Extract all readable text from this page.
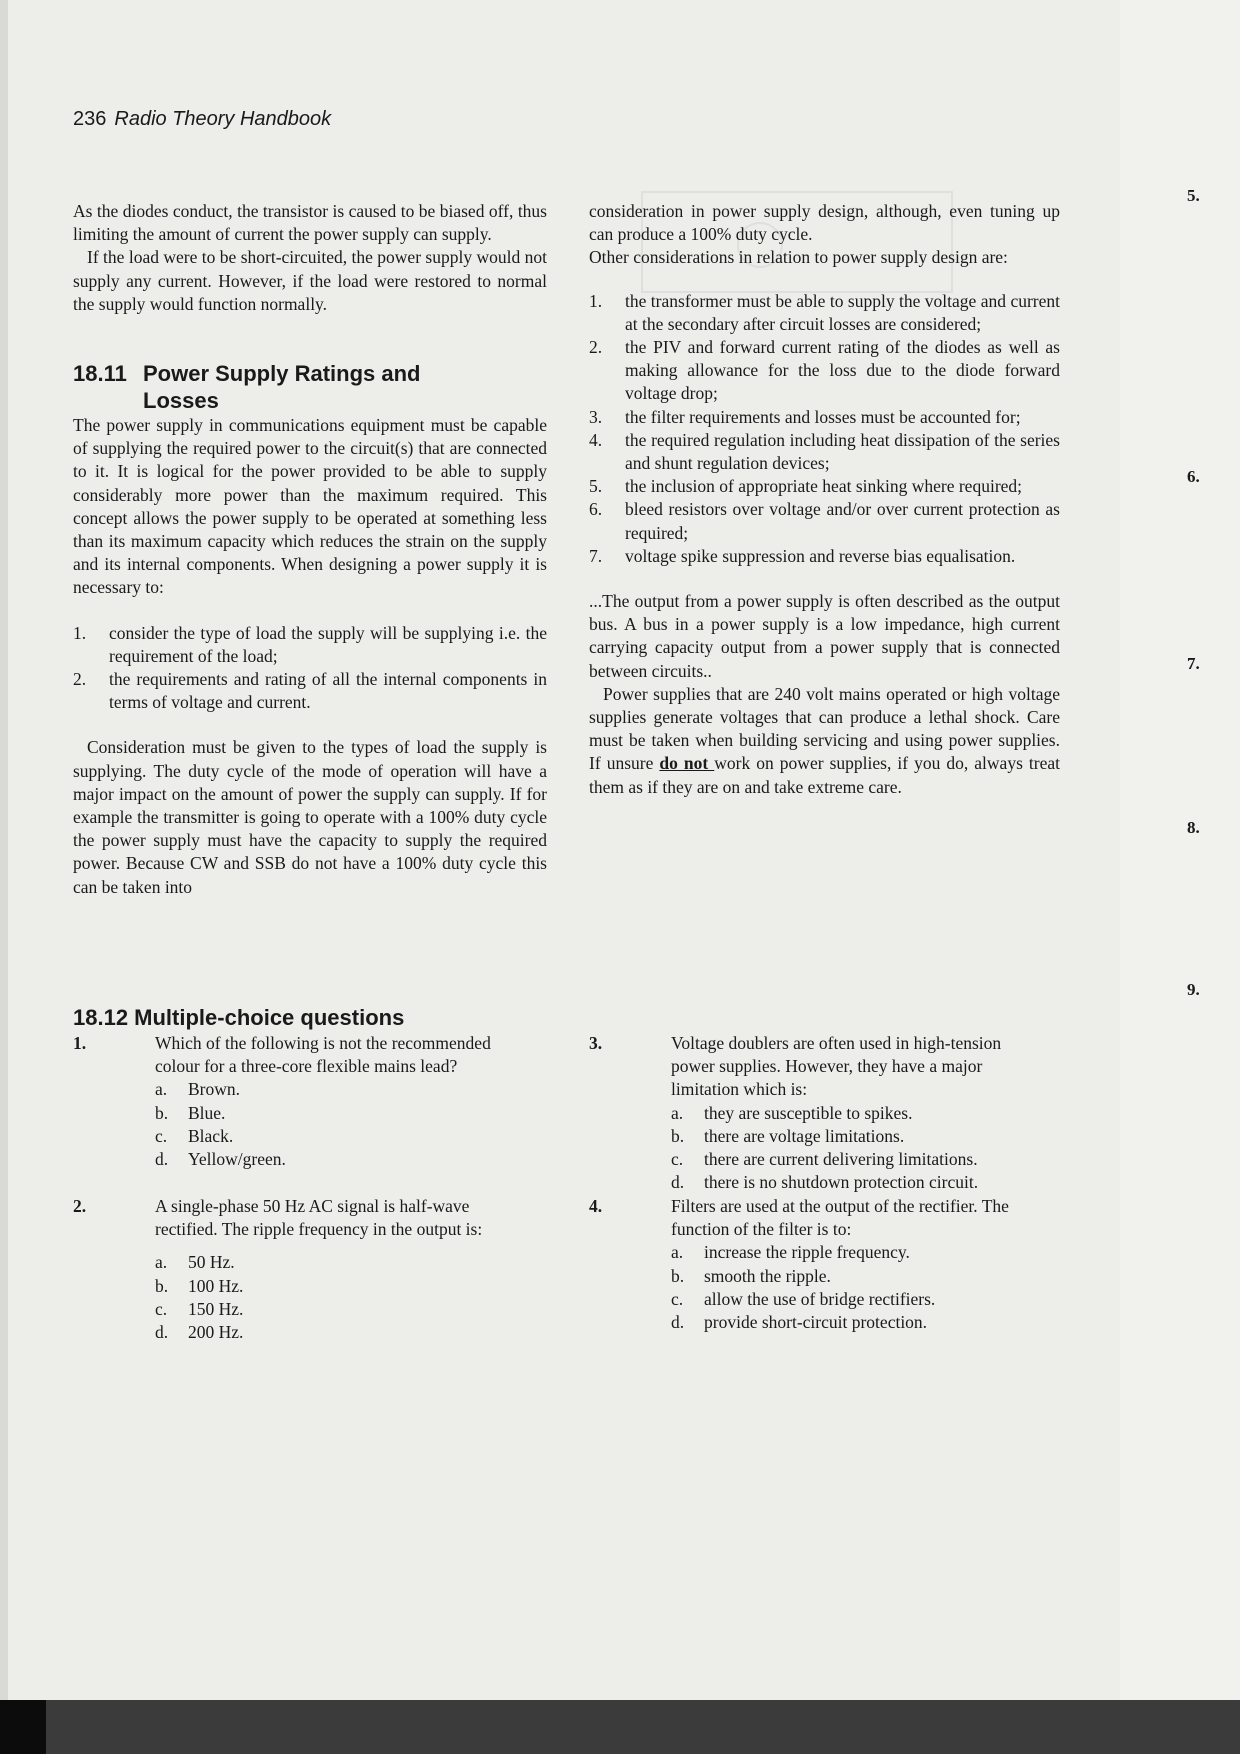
236 Radio Theory Handbook

As the diodes conduct, the transistor is caused to be biased off, thus limiting the amount of current the power supply can supply.

If the load were to be short-circuited, the power supply would not supply any current. However, if the load were restored to normal the supply would function normally.

18.11 Power Supply Ratings and
Losses

The power supply in communications equipment must be capable of supplying the required power to the circuit(s) that are connected to it. It is logical for the power provided to be able to supply considerably more power than the maximum required. This concept allows the power supply to be operated at something less than its maximum capacity which reduces the strain on the supply and its internal components. When designing a power supply it is necessary to:

1. consider the type of load the supply will be supplying i.e. the requirement of the load;
2. the requirements and rating of all the internal components in terms of voltage and current.

Consideration must be given to the types of load the supply is supplying. The duty cycle of the mode of operation will have a major impact on the amount of power the supply can supply. If for example the transmitter is going to operate with a 100% duty cycle the power supply must have the capacity to supply the required power. Because CW and SSB do not have a 100% duty cycle this can be taken into

consideration in power supply design, although, even tuning up can produce a 100% duty cycle.

Other considerations in relation to power supply design are:

1. the transformer must be able to supply the voltage and current at the secondary after circuit losses are considered;
2. the PIV and forward current rating of the diodes as well as making allowance for the loss due to the diode forward voltage drop;
3. the filter requirements and losses must be accounted for;
4. the required regulation including heat dissipation of the series and shunt regulation devices;
5. the inclusion of appropriate heat sinking where required;
6. bleed resistors over voltage and/or over current protection as required;
7. voltage spike suppression and reverse bias equalisation.

...The output from a power supply is often described as the output bus. A bus in a power supply is a low impedance, high current carrying capacity output from a power supply that is connected between circuits..

Power supplies that are 240 volt mains operated or high voltage supplies generate voltages that can produce a lethal shock. Care must be taken when building servicing and using power supplies. If unsure do not work on power supplies, if you do, always treat them as if they are on and take extreme care.

18.12 Multiple-choice questions
1.	Which of the following is not the recommended colour for a three-core flexible mains lead?
a. Brown.
b. Blue.
c. Black.
d. Yellow/green.
2.	A single-phase 50 Hz AC signal is half-wave rectified. The ripple frequency in the output is:
a. 50 Hz.
b. 100 Hz.
c. 150 Hz.
d. 200 Hz.
3.	Voltage doublers are often used in high-tension power supplies. However, they have a major limitation which is:
a. they are susceptible to spikes.
b. there are voltage limitations.
c. there are current delivering limitations.
d. there is no shutdown protection circuit.
4.	Filters are used at the output of the rectifier. The function of the filter is to:
a. increase the ripple frequency.
b. smooth the ripple.
c. allow the use of bridge rectifiers.
d. provide short-circuit protection.
5.
6.
7.
8.
9.
